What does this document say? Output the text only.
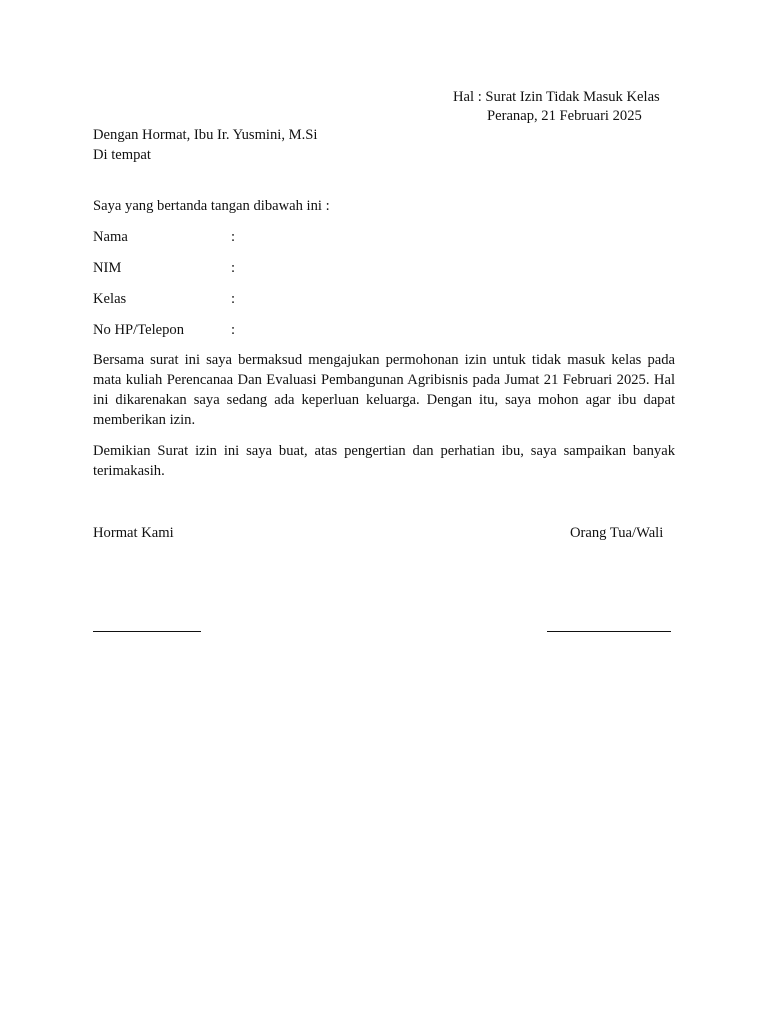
Hal : Surat Izin Tidak Masuk Kelas
Peranap, 21 Februari 2025
Dengan Hormat, Ibu Ir. Yusmini, M.Si
Di tempat
Saya yang bertanda tangan dibawah ini :
Nama	:
NIM	:
Kelas	:
No HP/Telepon	:

Bersama surat ini saya bermaksud mengajukan permohonan izin untuk tidak masuk kelas pada mata kuliah Perencanaa Dan Evaluasi Pembangunan Agribisnis pada Jumat 21 Februari 2025. Hal ini dikarenakan saya sedang ada keperluan keluarga. Dengan itu, saya mohon agar ibu dapat memberikan izin.

Demikian Surat izin ini saya buat, atas pengertian dan perhatian ibu, saya sampaikan banyak terimakasih.

Hormat Kami	Orang Tua/Wali
